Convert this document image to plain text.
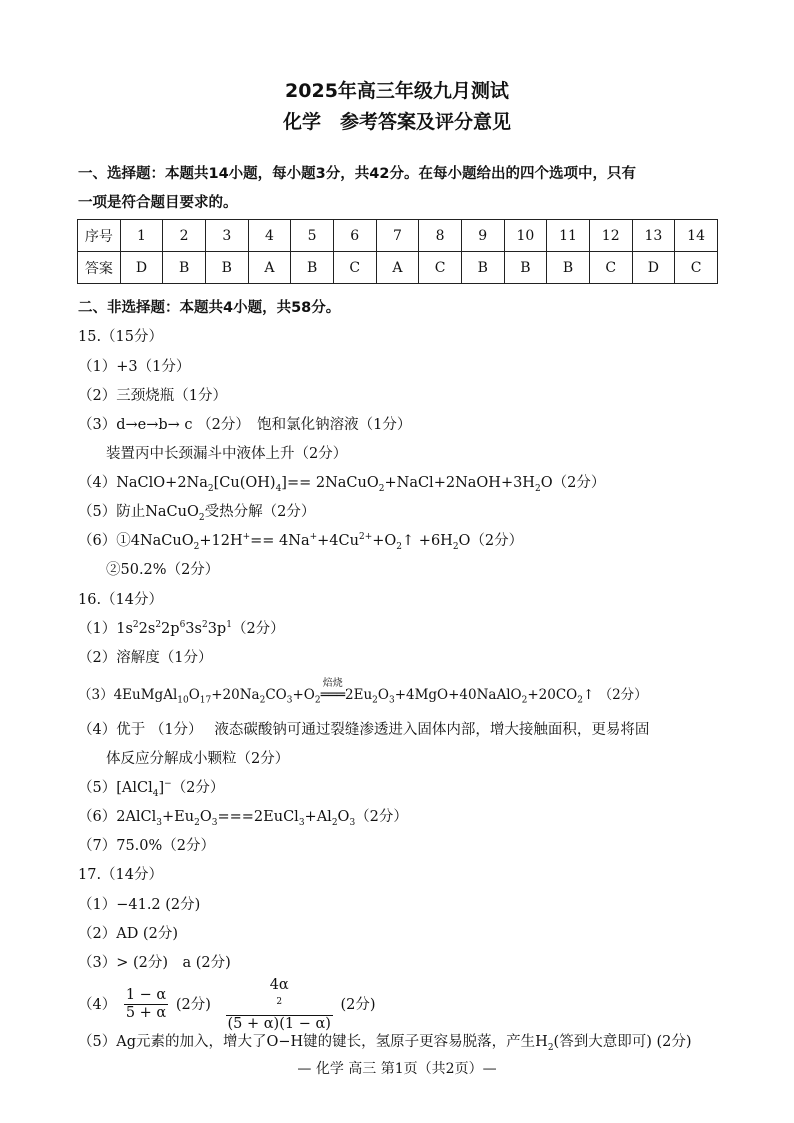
2025年高三年级九月测试
化学　参考答案及评分意见
一、选择题：本题共14小题，每小题3分，共42分。在每小题给出的四个选项中，只有
一项是符合题目要求的。
序号	1	2	3	4	5	6	7	8	9	10	11	12	13	14
答案	D	B	B	A	B	C	A	C	B	B	B	C	D	C
二、非选择题：本题共4小题，共58分。
15.（15分）
（1）+3（1分）
（2）三颈烧瓶（1分）
（3）d→e→b→ c （2分）　饱和氯化钠溶液（1分）
装置丙中长颈漏斗中液体上升（2分）
$(4)NaClO+2Na_2[Cu(OH)_4]==$ $2NaCuO_2+NaCl+2NaOH+3H_2O(2$分）
（5）防止NaCuO$_2$受热分解（2分）
（6）①4NaCuO$_2$+12H+== $4Na^++4Cu^{2+}+O_2↑ +6H_2O(2$分）
②50.2%（2分）
16.（14分）
$(1)1s^22s^22p^63s^23p^1(2$分）
（2）溶解度（1分）
$(3)4EuMgAl_{10}O_{17}+20Na_2CO_3+O_2$
焙烧
$═══2Eu_2O_3+4MgO+40NaAlO_2+20CO_2↑$ （2分）
（4）优于 （1分）　 液态碳酸钠可通过裂缝渗透进入固体内部，增大接触面积，更易将固
体反应分解成小颗粒（2分）
（5）[AlCl$_4$]−（2分）
$(6)2AlCl_3+Eu_2O_3===2EuCl_3+Al_2O_3(2$分）
（7）75.0%（2分）
17.（14分）
（1）−41.2 (2分)
（2）AD (2分)
（3）> (2分)　a (2分)
$(4) \frac{1 - \alpha}{5 + \alpha} (2$分) 4α
$^2$
(5 + α)(1 − α) (2分)
（5）Ag元素的加入，增大了O−H键的键长，氢原子更容易脱落，产生$H_2$(答到大意即可) (2分)
— 化学 高三 第1页（共2页）—
